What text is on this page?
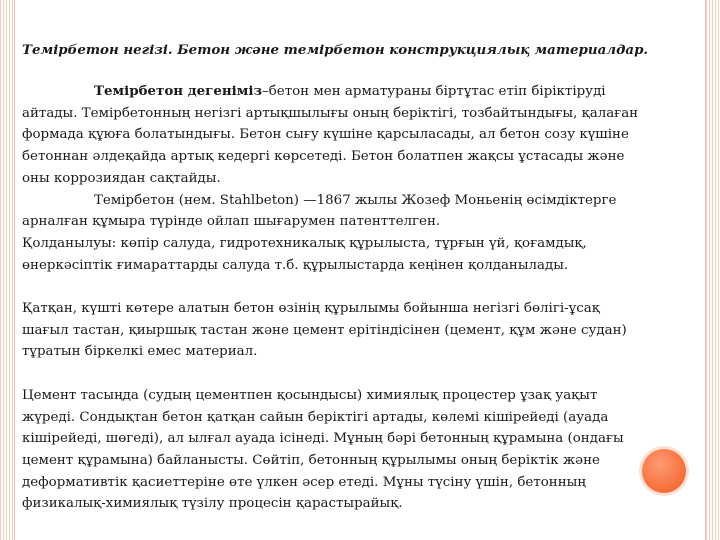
Темірбетон негізі. Бетон және темірбетон конструкциялық материалдар.

Темірбетон дегеніміз–бетон мен арматураны біртұтас етіп біріктіруді
айтады. Темірбетонның негізгі артықшылығы оның беріктігі, тозбайтындығы, қалаған
формада құюға болатындығы. Бетон сығу күшіне қарсыласады, ал бетон созу күшіне
бетоннан әлдеқайда артық кедергі көрсетеді. Бетон болатпен жақсы ұстасады және
оны коррозиядан сақтайды.

Темірбетон (нем. Stahlbeton) —1867 жылы Жозеф Моньенің өсімдіктерге
арналған құмыра түрінде ойлап шығарумен патенттелген.

Қолданылуы: көпір салуда, гидротехникалық құрылыста, тұрғын үй, қоғамдық,
өнеркәсіптік ғимараттарды салуда т.б. құрылыстарда кеңінен қолданылады.

Қатқан, күшті көтере алатын бетон өзінің құрылымы бойынша негізгі бөлігі-ұсақ
шағыл тастан, қиыршық тастан және цемент ерітіндісінен (цемент, құм және судан)
тұратын біркелкі емес материал.

Цемент тасыңда (судың цементпен қосындысы) химиялық процестер ұзақ уақыт
жүреді. Сондықтан бетон қатқан сайын беріктігі артады, көлемі кішірейеді (ауада
кішірейеді, шөгеді), ал ылғал ауада ісінеді. Мұның бәрі бетонның құрамына (ондағы
цемент құрамына) байланысты. Сөйтіп, бетонның құрылымы оның беріктік және
деформативтік қасиеттеріне өте үлкен әсер етеді. Мұны түсіну үшін, бетонның
физикалық-химиялық түзілу процесін қарастырайық.
